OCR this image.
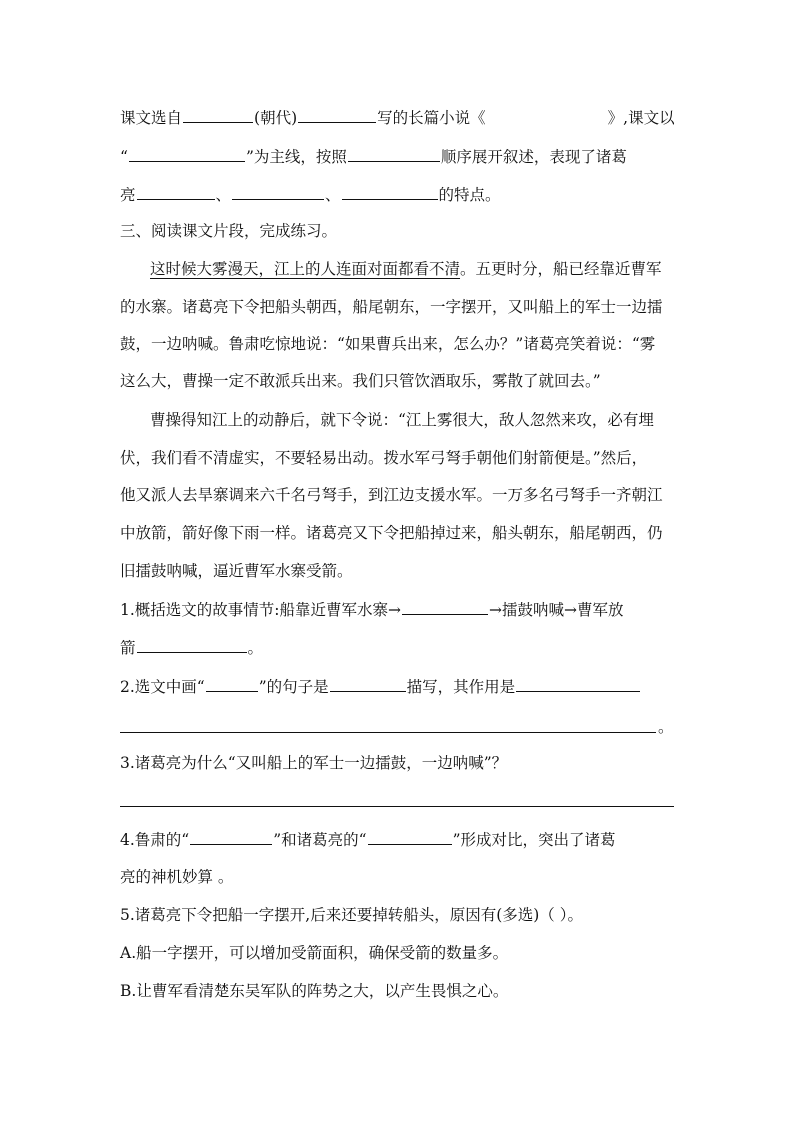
课文选自	(朝代)	写的长篇小说《	》,课文以
“	”为主线，按照	顺序展开叙述，表现了诸葛
亮	、	、	的特点。
三、阅读课文片段，完成练习。
这时候大雾漫天，江上的人连面对面都看不清。五更时分，船已经靠近曹军
的水寨。诸葛亮下令把船头朝西，船尾朝东，一字摆开，又叫船上的军士一边擂
鼓，一边呐喊。鲁肃吃惊地说：“如果曹兵出来，怎么办？”诸葛亮笑着说：“雾
这么大，曹操一定不敢派兵出来。我们只管饮酒取乐，雾散了就回去。”
曹操得知江上的动静后，就下令说：“江上雾很大，敌人忽然来攻，必有埋
伏，我们看不清虚实，不要轻易出动。拨水军弓弩手朝他们射箭便是。”然后，
他又派人去旱寨调来六千名弓弩手，到江边支援水军。一万多名弓弩手一齐朝江
中放箭，箭好像下雨一样。诸葛亮又下令把船掉过来，船头朝东，船尾朝西，仍
旧擂鼓呐喊，逼近曹军水寨受箭。
1.概括选文的故事情节:船靠近曹军水寨→	→擂鼓呐喊→曹军放
箭	。
2.选文中画“	”的句子是	描写，其作用是
。
3.诸葛亮为什么“又叫船上的军士一边擂鼓，一边呐喊”？
4.鲁肃的“	”和诸葛亮的“	”形成对比，突出了诸葛
亮的神机妙算 。
5.诸葛亮下令把船一字摆开,后来还要掉转船头，原因有(多选)（ ）。
A.船一字摆开，可以增加受箭面积，确保受箭的数量多。
B.让曹军看清楚东吴军队的阵势之大，以产生畏惧之心。
